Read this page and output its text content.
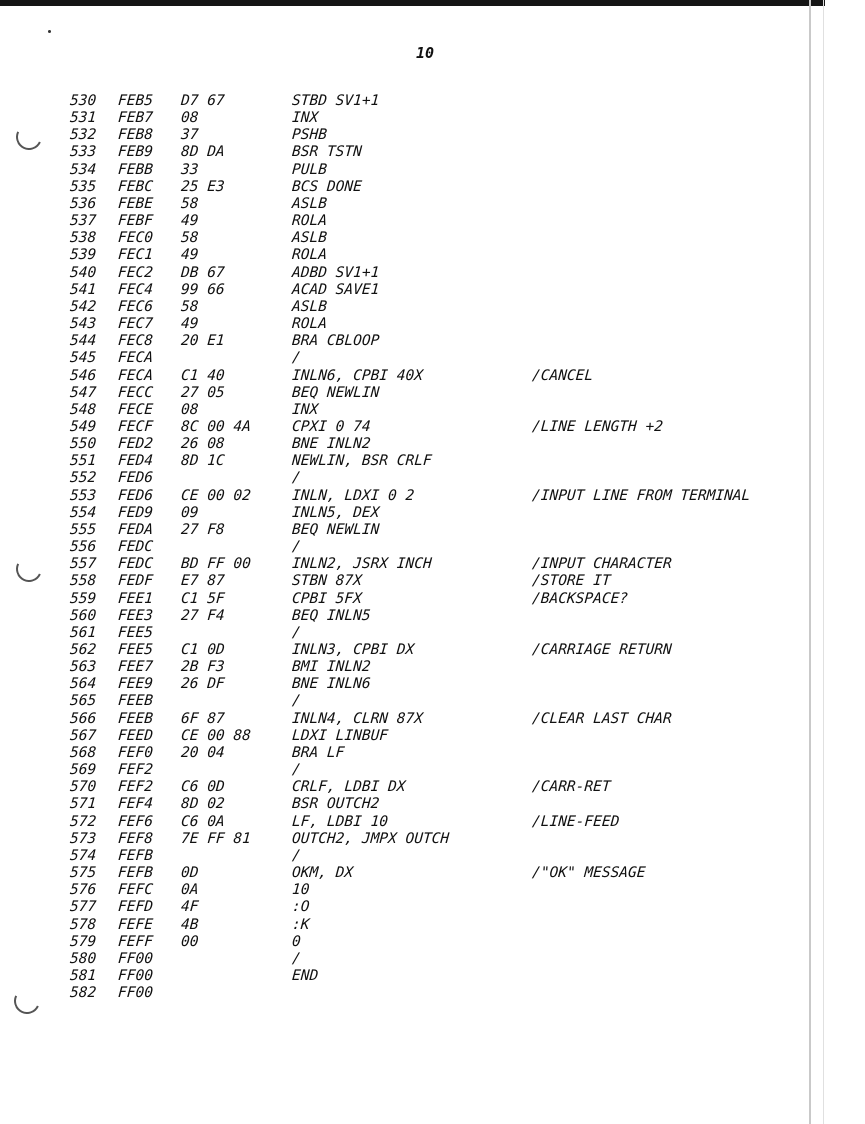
10
530 FEB5 D7 67	STBD SV1+1
531 FEB7 08	INX
532 FEB8 37	PSHB
533 FEB9 8D DA	BSR TSTN
534 FEBB 33	PULB
535 FEBC 25 E3	BCS DONE
536 FEBE 58	ASLB
537 FEBF 49	ROLA
538 FEC0 58	ASLB
539 FEC1 49	ROLA
540 FEC2 DB 67	ADBD SV1+1
541 FEC4 99 66	ACAD SAVE1
542 FEC6 58	ASLB
543 FEC7 49	ROLA
544 FEC8 20 E1	BRA CBLOOP
545 FECA	/
546 FECA C1 40	INLN6, CPBI 40X	/CANCEL
547 FECC 27 05	BEQ NEWLIN
548 FECE 08	INX
549 FECF 8C 00 4A	CPXI 0 74	/LINE LENGTH +2
550 FED2 26 08	BNE INLN2
551 FED4 8D 1C	NEWLIN, BSR CRLF
552 FED6	/
553 FED6 CE 00 02	INLN, LDXI 0 2	/INPUT LINE FROM TERMINAL
554 FED9 09	INLN5, DEX
555 FEDA 27 F8	BEQ NEWLIN
556 FEDC	/
557 FEDC BD FF 00	INLN2, JSRX INCH	/INPUT CHARACTER
558 FEDF E7 87	STBN 87X	/STORE IT
559 FEE1 C1 5F	CPBI 5FX	/BACKSPACE?
560 FEE3 27 F4	BEQ INLN5
561 FEE5	/
562 FEE5 C1 0D	INLN3, CPBI DX	/CARRIAGE RETURN
563 FEE7 2B F3	BMI INLN2
564 FEE9 26 DF	BNE INLN6
565 FEEB	/
566 FEEB 6F 87	INLN4, CLRN 87X	/CLEAR LAST CHAR
567 FEED CE 00 88	LDXI LINBUF
568 FEF0 20 04	BRA LF
569 FEF2	/
570 FEF2 C6 0D	CRLF, LDBI DX	/CARR-RET
571 FEF4 8D 02	BSR OUTCH2
572 FEF6 C6 0A	LF, LDBI 10	/LINE-FEED
573 FEF8 7E FF 81	OUTCH2, JMPX OUTCH
574 FEFB	/
575 FEFB 0D	OKM, DX	/"OK" MESSAGE
576 FEFC 0A	10
577 FEFD 4F	:O
578 FEFE 4B	:K
579 FEFF 00	0
580 FF00	/
581 FF00	END
582 FF00
